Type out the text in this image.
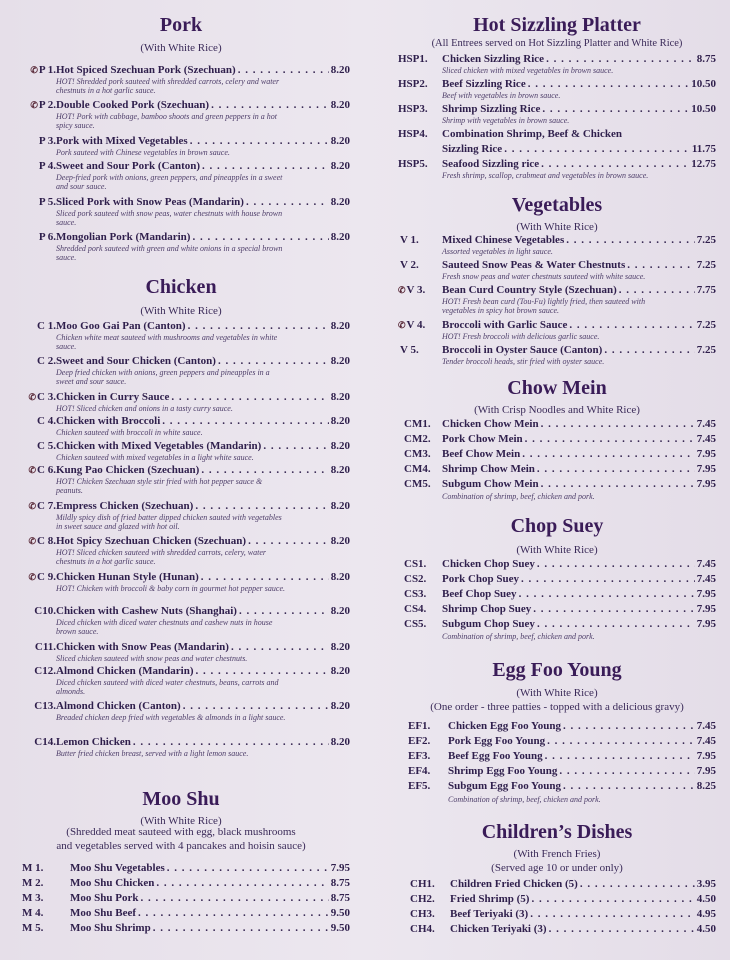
Pork
(With White Rice)
✆P 1. Hot Spiced Szechuan Pork (Szechuan) . . .	8.20
HOT! Shredded pork sauteed with shredded carrots, celery and water chestnuts in a hot garlic sauce.
✆P 2. Double Cooked Pork (Szechuan) . . .	8.20
HOT! Pork with cabbage, bamboo shoots and green peppers in a hot spicy sauce.
P 3. Pork with Mixed Vegetables . . .	8.20
Pork sauteed with Chinese vegetables in brown sauce.
P 4. Sweet and Sour Pork (Canton) . . .	8.20
Deep-fried pork with onions, green peppers, and pineapples in a sweet and sour sauce.
P 5. Sliced Pork with Snow Peas (Mandarin) . . .	8.20
Sliced pork sauteed with snow peas, water chestnuts with house brown sauce.
P 6. Mongolian Pork (Mandarin) . . .	8.20
Shredded pork sauteed with green and white onions in a special brown sauce.
Chicken
(With White Rice)
C 1. Moo Goo Gai Pan (Canton) . . .	8.20
Chicken white meat sauteed with mushrooms and vegetables in white sauce.
C 2. Sweet and Sour Chicken (Canton) . . .	8.20
Deep fried chicken with onions, green peppers and pineapples in a sweet and sour sauce.
✆C 3. Chicken in Curry Sauce . . .	8.20
HOT! Sliced chicken and onions in a tasty curry sauce.
C 4. Chicken with Broccoli . . .	8.20
Chicken sauteed with broccoli in white sauce.
C 5. Chicken with Mixed Vegetables (Mandarin) . . .	8.20
Chicken sauteed with mixed vegetables in a light white sauce.
✆C 6. Kung Pao Chicken (Szechuan) . . .	8.20
HOT! Chicken Szechuan style stir fried with hot pepper sauce & peanuts.
✆C 7. Empress Chicken (Szechuan) . . .	8.20
Mildly spicy dish of fried batter dipped chicken sauted with vegetables in sweet sauce and glazed with hot oil.
✆C 8. Hot Spicy Szechuan Chicken (Szechuan) . . .	8.20
HOT! Sliced chicken sauteed with shredded carrots, celery, water chestnuts in a hot garlic sauce.
✆C 9. Chicken Hunan Style (Hunan) . . .	8.20
HOT! Chicken with broccoli & baby corn in gourmet hot pepper sauce.
C10. Chicken with Cashew Nuts (Shanghai) . . .	8.20
Diced chicken with diced water chestnuts and cashew nuts in house brown sauce.
C11. Chicken with Snow Peas (Mandarin) . . .	8.20
Sliced chicken sauteed with snow peas and water chestnuts.
C12. Almond Chicken (Mandarin) . . .	8.20
Diced chicken sauteed with diced water chestnuts, beans, carrots and almonds.
C13. Almond Chicken (Canton) . . .	8.20
Breaded chicken deep fried with vegetables & almonds in a light sauce.
C14. Lemon Chicken . . .	8.20
Butter fried chicken breast, served with a light lemon sauce.
Moo Shu
(With White Rice)
(Shredded meat sauteed with egg, black mushrooms
and vegetables served with 4 pancakes and hoisin sauce)
M 1.	Moo Shu Vegetables . . .	7.95
M 2.	Moo Shu Chicken . . .	8.75
M 3.	Moo Shu Pork . . .	8.75
M 4.	Moo Shu Beef . . .	9.50
M 5.	Moo Shu Shrimp . . .	9.50
Hot Sizzling Platter
(All Entrees served on Hot Sizzling Platter and White Rice)
HSP1.	Chicken Sizzling Rice . . .	8.75
Sliced chicken with mixed vegetables in brown sauce.
HSP2.	Beef Sizzling Rice . . .	10.50
Beef with vegetables in brown sauce.
HSP3.	Shrimp Sizzling Rice . . .	10.50
Shrimp with vegetables in brown sauce.
HSP4.	Combination Shrimp, Beef & Chicken
Sizzling Rice . . .	11.75
HSP5.	Seafood Sizzling rice . . .	12.75
Fresh shrimp, scallop, crabmeat and vegetables in brown sauce.
Vegetables
(With White Rice)
V 1.	Mixed Chinese Vegetables . . .	7.25
Assorted vegetables in light sauce.
V 2.	Sauteed Snow Peas & Water Chestnuts . . .	7.25
Fresh snow peas and water chestnuts sauteed with white sauce.
✆V 3.	Bean Curd Country Style (Szechuan) . . .	7.75
HOT! Fresh bean curd (Tou-Fu) lightly fried, then sauteed with vegetables in spicy hot brown sauce.
✆V 4.	Broccoli with Garlic Sauce . . .	7.25
HOT! Fresh broccoli with delicious garlic sauce.
V 5.	Broccoli in Oyster Sauce (Canton) . . .	7.25
Tender broccoli heads, stir fried with oyster sauce.
Chow Mein
(With Crisp Noodles and White Rice)
CM1.	Chicken Chow Mein . . .	7.45
CM2.	Pork Chow Mein . . .	7.45
CM3.	Beef Chow Mein . . .	7.95
CM4.	Shrimp Chow Mein . . .	7.95
CM5.	Subgum Chow Mein . . .	7.95
Combination of shrimp, beef, chicken and pork.
Chop Suey
(With White Rice)
CS1.	Chicken Chop Suey . . .	7.45
CS2.	Pork Chop Suey . . .	7.45
CS3.	Beef Chop Suey . . .	7.95
CS4.	Shrimp Chop Suey . . .	7.95
CS5.	Subgum Chop Suey . . .	7.95
Combination of shrimp, beef, chicken and pork.
Egg Foo Young
(With White Rice)
(One order - three patties - topped with a delicious gravy)
EF1.	Chicken Egg Foo Young . . .	7.45
EF2.	Pork Egg Foo Young . . .	7.45
EF3.	Beef Egg Foo Young . . .	7.95
EF4.	Shrimp Egg Foo Young . . .	7.95
EF5.	Subgum Egg Foo Young . . .	8.25
Combination of shrimp, beef, chicken and pork.
Children’s Dishes
(With French Fries)
(Served age 10 or under only)
CH1.	Children Fried Chicken (5) . . .	3.95
CH2.	Fried Shrimp (5) . . .	4.50
CH3.	Beef Teriyaki (3) . . .	4.95
CH4.	Chicken Teriyaki (3) . . .	4.50
